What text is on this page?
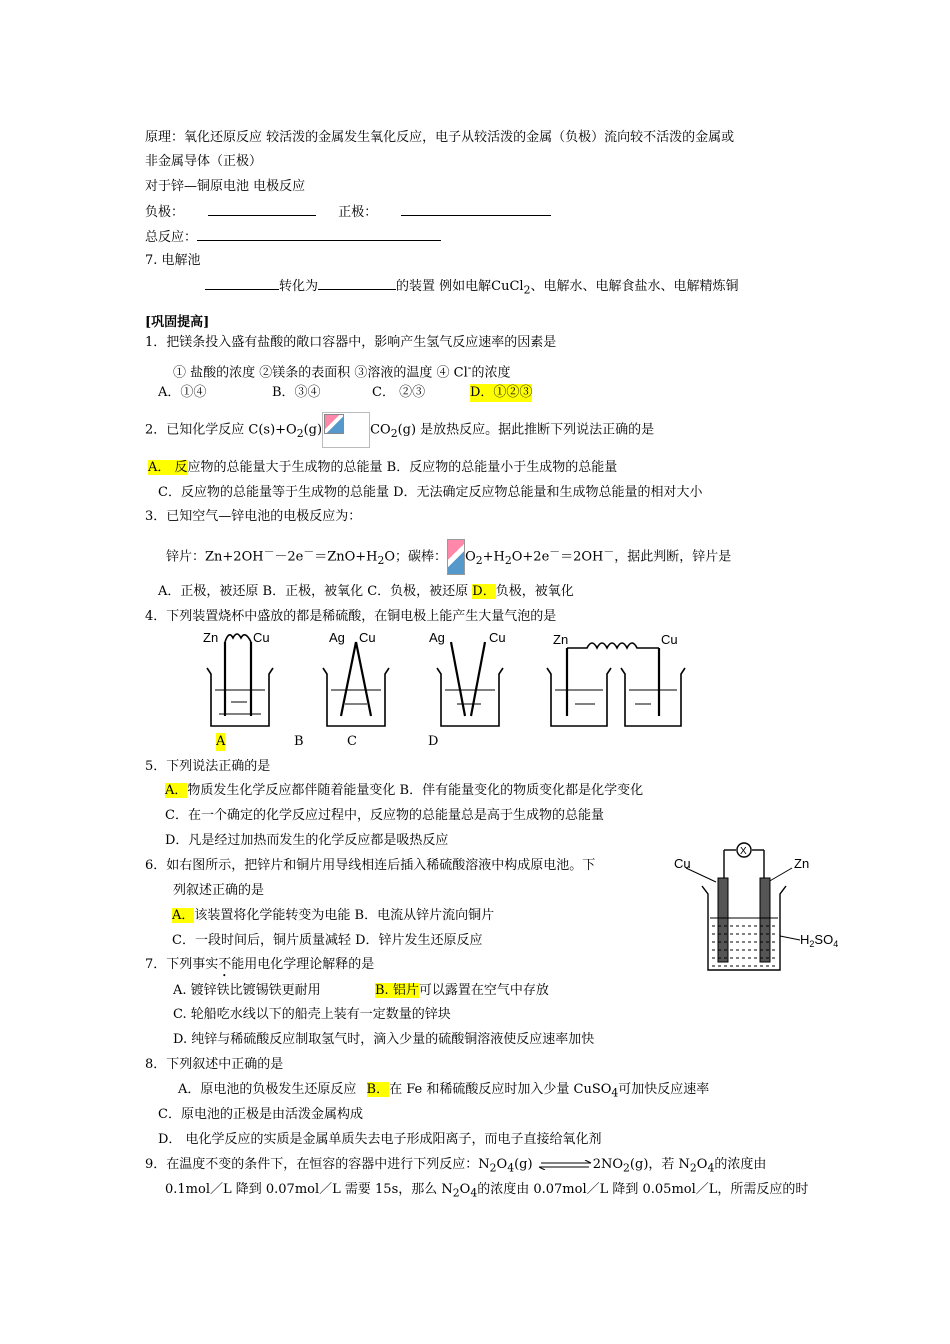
原理：氧化还原反应 较活泼的金属发生氧化反应，电子从较活泼的金属（负极）流向较不活泼的金属或
非金属导体（正极）
对于锌—铜原电池 电极反应
负极：	正极：
总反应：
7. 电解池
转化为	的装置 例如电解CuCl$_2$、电解水、电解食盐水、电解精炼铜
[巩固提高]
1．把镁条投入盛有盐酸的敞口容器中，影响产生氢气反应速率的因素是
① 盐酸的浓度 ②镁条的表面积 ③溶液的温度 ④ Cl-的浓度
A．①④	B．③④	C． ②③	D．①②③
2．已知化学反应 $C(s)+O_2(g)$	$CO_2(g)$ 是放热反应。据此推断下列说法正确的是
A． 反应物的总能量大于生成物的总能量 B．反应物的总能量小于生成物的总能量
C．反应物的总能量等于生成物的总能量 D．无法确定反应物总能量和生成物总能量的相对大小
3．已知空气—锌电池的电极反应为：
锌片：$Zn+2OH^--2e^-=ZnO+H_2O$；碳棒： $O_2+H_2O+2e^-=2OH^-$，据此判断，锌片是
A．正极，被还原 B．正极，被氧化 C．负极，被还原 D．负极，被氧化
4．下列装置烧杯中盛放的都是稀硫酸，在铜电极上能产生大量气泡的是
Zn	Cu	Ag Cu	Ag	Cu	Zn	Cu
A	B	C	D
5．下列说法正确的是
A．物质发生化学反应都伴随着能量变化 B．伴有能量变化的物质变化都是化学变化
C．在一个确定的化学反应过程中，反应物的总能量总是高于生成物的总能量
D．凡是经过加热而发生的化学反应都是吸热反应
6．如右图所示，把锌片和铜片用导线相连后插入稀硫酸溶液中构成原电池。下
列叙述正确的是
A．该装置将化学能转变为电能 B．电流从锌片流向铜片
C．一段时间后，铜片质量减轻 D．锌片发生还原反应
X
Cu	Zn
$H_2SO_4$
7．下列事实不能用电化学理论解释的是
A. 镀锌铁比镀锡铁更耐用	B. 铝片可以露置在空气中存放
C. 轮船吃水线以下的船壳上装有一定数量的锌块
D. 纯锌与稀硫酸反应制取氢气时，滴入少量的硫酸铜溶液使反应速率加快
8．下列叙述中正确的是
A．原电池的负极发生还原反应 B．在 Fe 和稀硫酸反应时加入少量 CuSO$_4$可加快反应速率
C．原电池的正极是由活泼金属构成
D． 电化学反应的实质是金属单质失去电子形成阳离子，而电子直接给氧化剂
9．在温度不变的条件下，在恒容的容器中进行下列反应：$N_2O_4(g)$	$2NO_2(g)$，若 $N_2O_4$的浓度由
0.1mol／L 降到 0.07mol／L 需要 15s，那么 $N_2O_4$的浓度由 0.07mol／L 降到 0.05mol／L，所需反应的时
